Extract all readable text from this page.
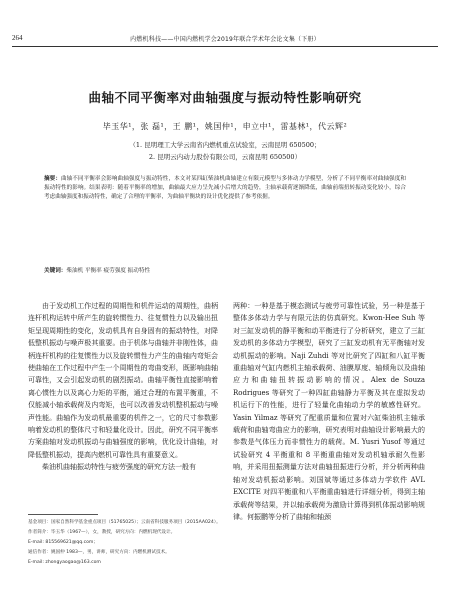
264	内燃机科技——中国内燃机学会2019年联合学术年会论文集（下册）
曲轴不同平衡率对曲轴强度与振动特性影响研究
毕玉华¹，张 磊¹，王 鹏¹，姚国仲¹，申立中¹，雷基林¹，代云辉²
（1. 昆明理工大学云南省内燃机重点试验室，云南昆明 650500；
2. 昆明云内动力股份有限公司，云南昆明 650500）
摘要：曲轴不同平衡率会影响曲轴强度与振动特性，本文对某四缸柴油机曲轴建立有限元模型与多体动力学模型，分析了不同平衡率对曲轴强度和振动特性的影响。结果表明：随着平衡率的增加，曲轴最大应力呈先减小后增大的趋势，主轴承载荷逐渐降低，曲轴前端扭转振动变化较小，综合考虑曲轴强度和振动特性，确定了合理的平衡率，为曲轴平衡块的设计优化提供了参考依据。
关键词：柴油机 平衡率 疲劳强度 振动特性

由于发动机工作过程的周期性和机件运动的周期性，曲柄连杆机构运转中所产生的旋转惯性力、往复惯性力以及输出扭矩呈现周期性的变化，发动机具有自身固有的振动特性，对降低整机振动与噪声极其重要。由于机体与曲轴并非刚性体，曲柄连杆机构的往复惯性力以及旋转惯性力产生的曲轴内弯矩会使曲轴在工作过程中产生一个周期性的弯曲变形，既影响曲轴可靠性，又会引起发动机的剧烈振动。曲轴平衡性直接影响着离心惯性力以及离心力矩的平衡，通过合理的布置平衡重，不仅能减小轴承载荷及内弯矩，也可以改善发动机整机振动与噪声性能。曲轴作为发动机最重要的机件之一，它的尺寸参数影响着发动机的整体尺寸和轻量化设计。因此，研究不同平衡率方案曲轴对发动机振动与曲轴强度的影响，优化设计曲轴，对降低整机振动，提高内燃机可靠性具有重要意义。

柴油机曲轴振动特性与疲劳强度的研究方法一般有

两种：一种是基于模态测试与疲劳可靠性试验，另一种是基于整体多体动力学与有限元法的仿真研究。Kwon-Hee Suh 等对三缸发动机的静平衡和动平衡进行了分析研究，建立了三缸发动机的多体动力学模型，研究了三缸发动机有无平衡轴对发动机振动的影响。Naji Zuhdi 等对比研究了四缸和八缸平衡重曲轴对气缸内燃机主轴承载荷、油膜厚度、轴倾角以及曲轴应力和曲轴扭转振动影响的情况。Alex de Souza Rodrigues 等研究了一种四缸曲轴静力平衡及其在虚拟发动机运行下的性能，进行了轻量化曲轴动力学的敏感性研究。Yasin Yilmaz 等研究了配重质量和位置对六缸柴油机主轴承载荷和曲轴弯曲应力的影响，研究表明对曲轴设计影响最大的参数是气体压力而非惯性力的载荷。M. Yusri Yusof 等通过试验研究 4 平衡重和 8 平衡重曲轴对发动机轴承耐久性影响，并采用扭振测量方法对曲轴扭振进行分析，并分析两种曲轴对发动机振动影响。刘国斌等通过多体动力学软件 AVL EXCITE 对四平衡重和八平衡重曲轴进行详细分析，得到主轴承载荷等结果，并以轴承载荷为激励计算得到机体振动影响规律。何振鹏等分析了曲轴和轴颈

基金项目：国家自然科学基金重点项目（51765025）；云南省科技服务项目（2015AA024）。
作者简介：毕玉华（1967—），女，教授，研究方向：内燃机现代设计。
E-mail: 815569621@qq.com；
通信作者：姚国仲 1983—，男，讲师，研究方向：内燃机测试技术。
E-mail: zhongyaogao@163.com
